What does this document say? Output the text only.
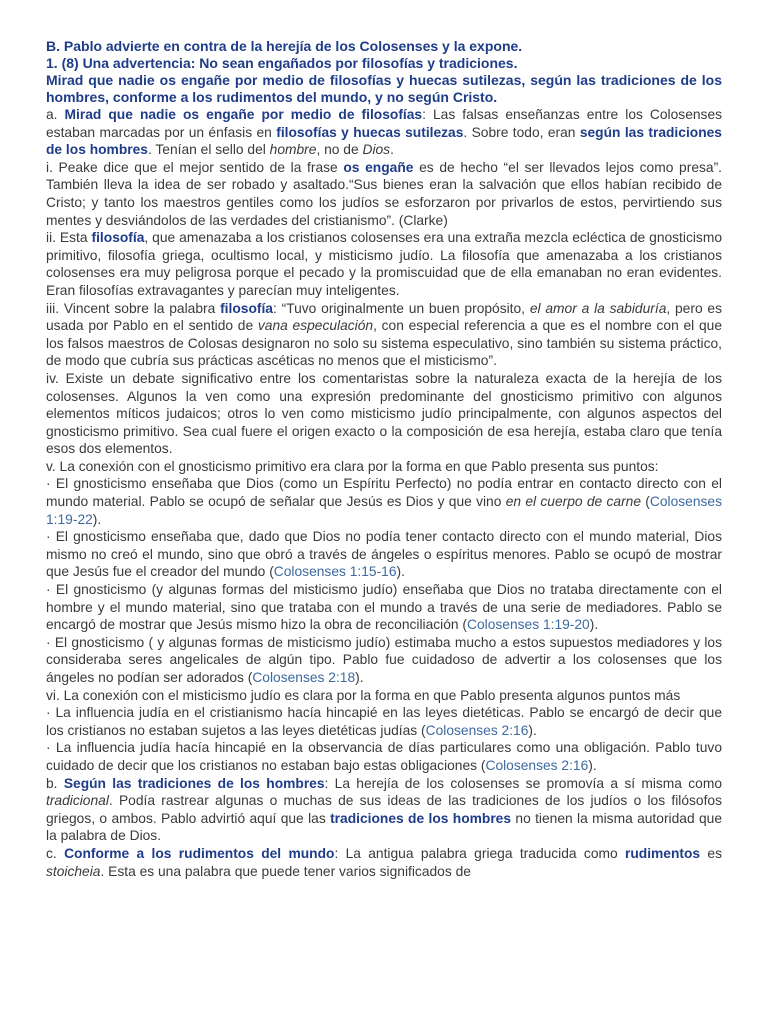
B. Pablo advierte en contra de la herejía de los Colosenses y la expone.

1. (8) Una advertencia: No sean engañados por filosofías y tradiciones.

Mirad que nadie os engañe por medio de filosofías y huecas sutilezas, según las tradiciones de los hombres, conforme a los rudimentos del mundo, y no según Cristo.

a. Mirad que nadie os engañe por medio de filosofías: Las falsas enseñanzas entre los Colosenses estaban marcadas por un énfasis en filosofías y huecas sutilezas. Sobre todo, eran según las tradiciones de los hombres. Tenían el sello del hombre, no de Dios.

i. Peake dice que el mejor sentido de la frase os engañe es de hecho “el ser llevados lejos como presa”. También lleva la idea de ser robado y asaltado.“Sus bienes eran la salvación que ellos habían recibido de Cristo; y tanto los maestros gentiles como los judíos se esforzaron por privarlos de estos, pervirtiendo sus mentes y desviándolos de las verdades del cristianismo”. (Clarke)

ii. Esta filosofía, que amenazaba a los cristianos colosenses era una extraña mezcla ecléctica de gnosticismo primitivo, filosofía griega, ocultismo local, y misticismo judío. La filosofía que amenazaba a los cristianos colosenses era muy peligrosa porque el pecado y la promiscuidad que de ella emanaban no eran evidentes. Eran filosofías extravagantes y parecían muy inteligentes.

iii. Vincent sobre la palabra filosofía: “Tuvo originalmente un buen propósito, el amor a la sabiduría, pero es usada por Pablo en el sentido de vana especulación, con especial referencia a que es el nombre con el que los falsos maestros de Colosas designaron no solo su sistema especulativo, sino también su sistema práctico, de modo que cubría sus prácticas ascéticas no menos que el misticismo”.

iv. Existe un debate significativo entre los comentaristas sobre la naturaleza exacta de la herejía de los colosenses. Algunos la ven como una expresión predominante del gnosticismo primitivo con algunos elementos míticos judaicos; otros lo ven como misticismo judío principalmente, con algunos aspectos del gnosticismo primitivo. Sea cual fuere el origen exacto o la composición de esa herejía, estaba claro que tenía esos dos elementos.

v. La conexión con el gnosticismo primitivo era clara por la forma en que Pablo presenta sus puntos:

· El gnosticismo enseñaba que Dios (como un Espíritu Perfecto) no podía entrar en contacto directo con el mundo material. Pablo se ocupó de señalar que Jesús es Dios y que vino en el cuerpo de carne (Colosenses 1:19-22).

· El gnosticismo enseñaba que, dado que Dios no podía tener contacto directo con el mundo material, Dios mismo no creó el mundo, sino que obró a través de ángeles o espíritus menores. Pablo se ocupó de mostrar que Jesús fue el creador del mundo (Colosenses 1:15-16).

· El gnosticismo (y algunas formas del misticismo judío) enseñaba que Dios no trataba directamente con el hombre y el mundo material, sino que trataba con el mundo a través de una serie de mediadores. Pablo se encargó de mostrar que Jesús mismo hizo la obra de reconciliación (Colosenses 1:19-20).

· El gnosticismo ( y algunas formas de misticismo judío) estimaba mucho a estos supuestos mediadores y los consideraba seres angelicales de algún tipo. Pablo fue cuidadoso de advertir a los colosenses que los ángeles no podían ser adorados (Colosenses 2:18).

vi. La conexión con el misticismo judío es clara por la forma en que Pablo presenta algunos puntos más

· La influencia judía en el cristianismo hacía hincapié en las leyes dietéticas. Pablo se encargó de decir que los cristianos no estaban sujetos a las leyes dietéticas judías (Colosenses 2:16).

· La influencia judía hacía hincapié en la observancia de días particulares como una obligación. Pablo tuvo cuidado de decir que los cristianos no estaban bajo estas obligaciones (Colosenses 2:16).

b. Según las tradiciones de los hombres: La herejía de los colosenses se promovía a sí misma como tradicional. Podía rastrear algunas o muchas de sus ideas de las tradiciones de los judíos o los filósofos griegos, o ambos. Pablo advirtió aquí que las tradiciones de los hombres no tienen la misma autoridad que la palabra de Dios.

c. Conforme a los rudimentos del mundo: La antigua palabra griega traducida como rudimentos es stoicheia. Esta es una palabra que puede tener varios significados de
